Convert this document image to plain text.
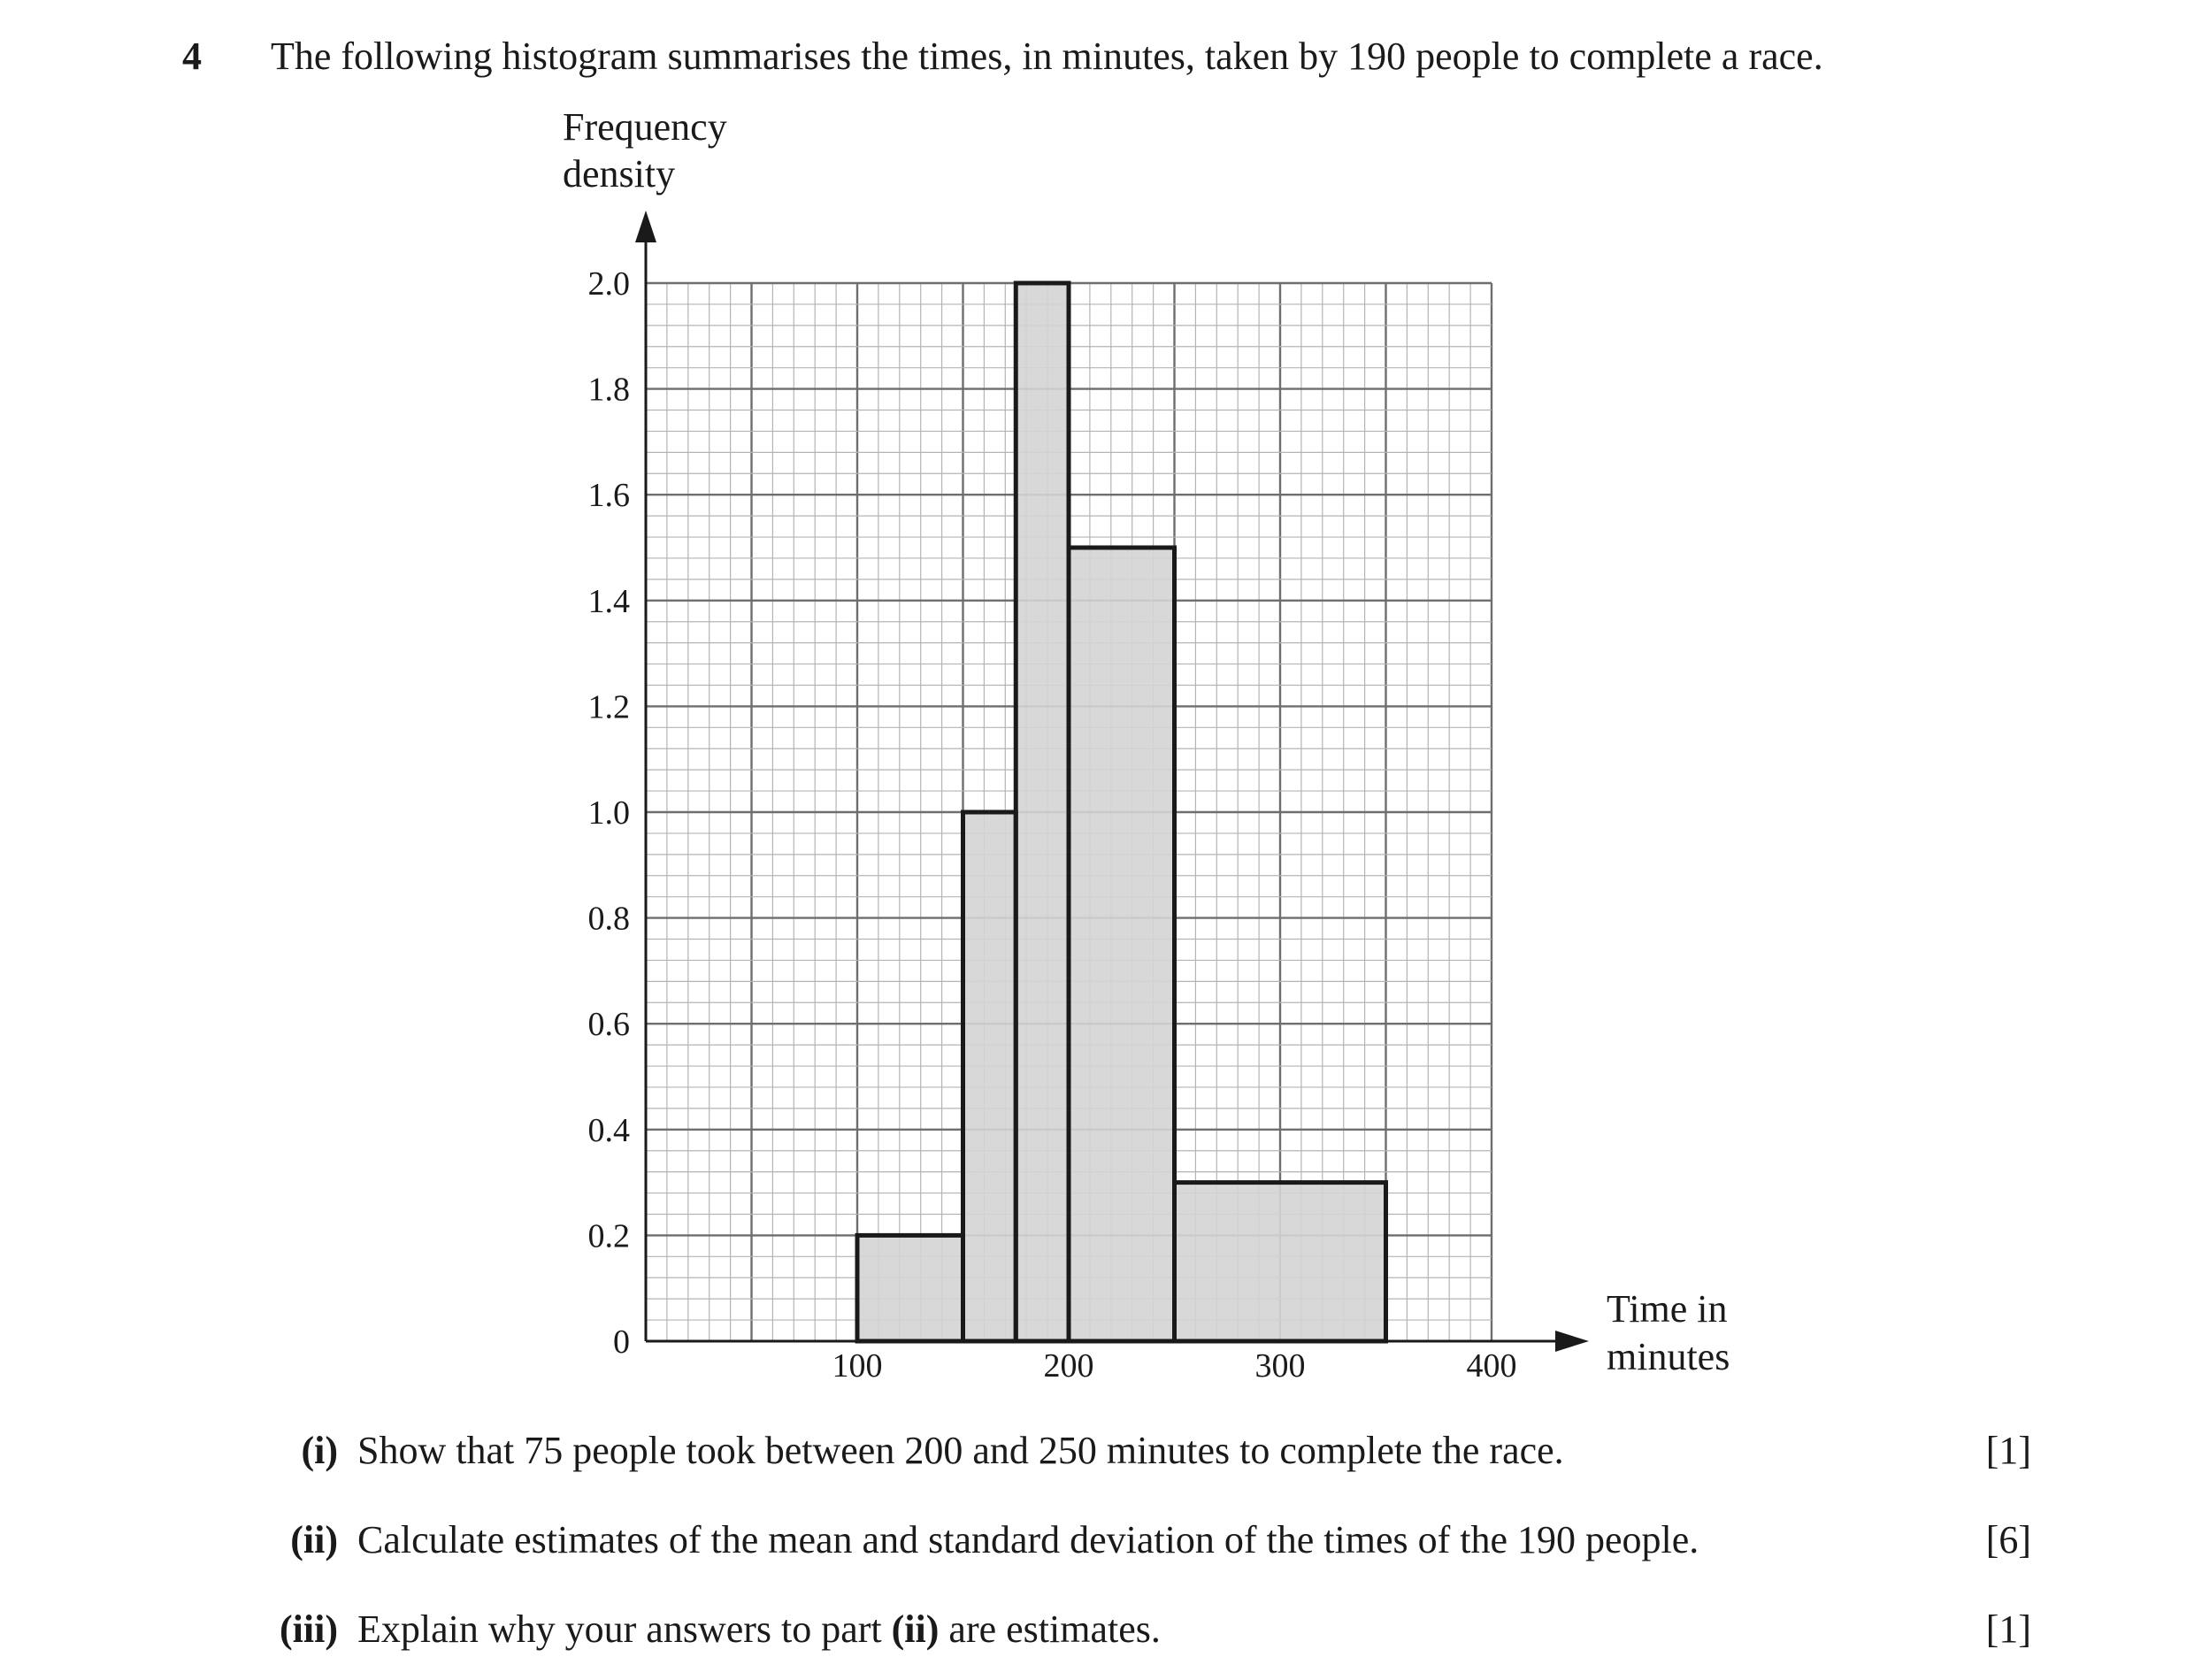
4 The following histogram summarises the times, in minutes, taken by 190 people to complete a race.
Frequency
density
Time in
minutes
0
0.2
0.4
0.6
0.8
1.0
1.2
1.4
1.6
1.8
2.0
100	200	300	400
(i) Show that 75 people took between 200 and 250 minutes to complete the race.	[1]
(ii) Calculate estimates of the mean and standard deviation of the times of the 190 people.	[6]
(iii) Explain why your answers to part (ii) are estimates.	[1]
